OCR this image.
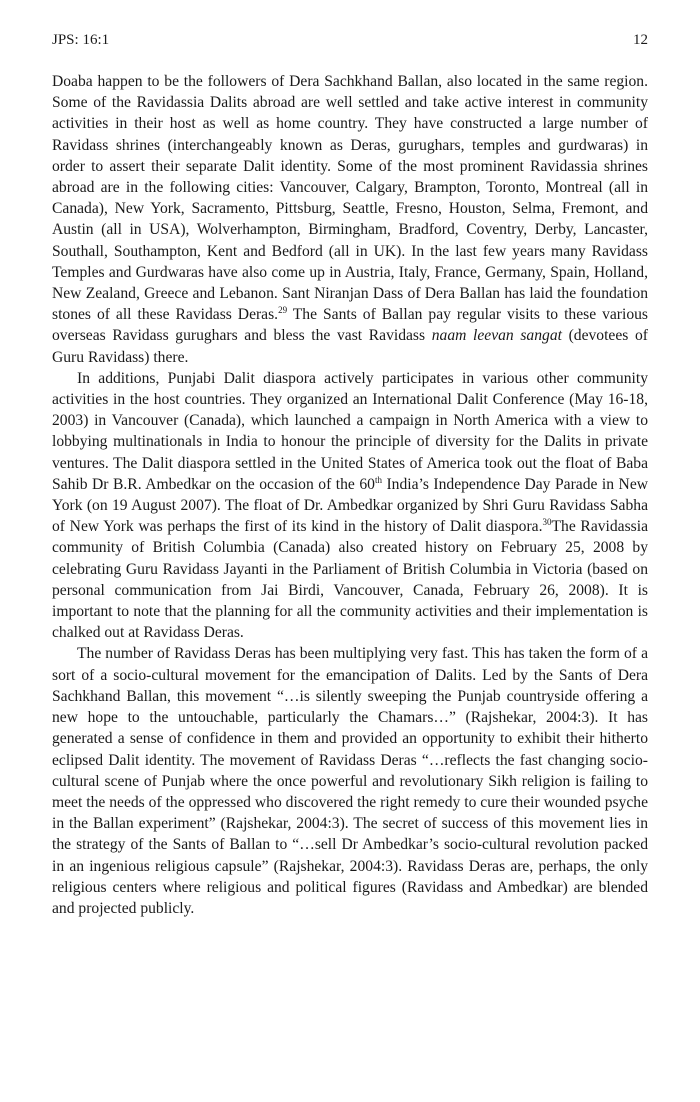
JPS: 16:1	12

Doaba happen to be the followers of Dera Sachkhand Ballan, also located in the same region. Some of the Ravidassia Dalits abroad are well settled and take active interest in community activities in their host as well as home country. They have constructed a large number of Ravidass shrines (interchangeably known as Deras, gurughars, temples and gurdwaras) in order to assert their separate Dalit identity. Some of the most prominent Ravidassia shrines abroad are in the following cities: Vancouver, Calgary, Brampton, Toronto, Montreal (all in Canada), New York, Sacramento, Pittsburg, Seattle, Fresno, Houston, Selma, Fremont, and Austin (all in USA), Wolverhampton, Birmingham, Bradford, Coventry, Derby, Lancaster, Southall, Southampton, Kent and Bedford (all in UK). In the last few years many Ravidass Temples and Gurdwaras have also come up in Austria, Italy, France, Germany, Spain, Holland, New Zealand, Greece and Lebanon. Sant Niranjan Dass of Dera Ballan has laid the foundation stones of all these Ravidass Deras.$^{29}$ The Sants of Ballan pay regular visits to these various overseas Ravidass gurughars and bless the vast Ravidass naam leevan sangat (devotees of Guru Ravidass) there.

In additions, Punjabi Dalit diaspora actively participates in various other community activities in the host countries. They organized an International Dalit Conference (May 16-18, 2003) in Vancouver (Canada), which launched a campaign in North America with a view to lobbying multinationals in India to honour the principle of diversity for the Dalits in private ventures. The Dalit diaspora settled in the United States of America took out the float of Baba Sahib Dr B.R. Ambedkar on the occasion of the 60th India’s Independence Day Parade in New York (on 19 August 2007). The float of Dr. Ambedkar organized by Shri Guru Ravidass Sabha of New York was perhaps the first of its kind in the history of Dalit diaspora.$^{30}$The Ravidassia community of British Columbia (Canada) also created history on February 25, 2008 by celebrating Guru Ravidass Jayanti in the Parliament of British Columbia in Victoria (based on personal communication from Jai Birdi, Vancouver, Canada, February 26, 2008). It is important to note that the planning for all the community activities and their implementation is chalked out at Ravidass Deras.

The number of Ravidass Deras has been multiplying very fast. This has taken the form of a sort of a socio-cultural movement for the emancipation of Dalits. Led by the Sants of Dera Sachkhand Ballan, this movement “…is silently sweeping the Punjab countryside offering a new hope to the untouchable, particularly the Chamars…” (Rajshekar, 2004:3). It has generated a sense of confidence in them and provided an opportunity to exhibit their hitherto eclipsed Dalit identity. The movement of Ravidass Deras “…reflects the fast changing socio-cultural scene of Punjab where the once powerful and revolutionary Sikh religion is failing to meet the needs of the oppressed who discovered the right remedy to cure their wounded psyche in the Ballan experiment” (Rajshekar, 2004:3). The secret of success of this movement lies in the strategy of the Sants of Ballan to “…sell Dr Ambedkar’s socio-cultural revolution packed in an ingenious religious capsule” (Rajshekar, 2004:3). Ravidass Deras are, perhaps, the only religious centers where religious and political figures (Ravidass and Ambedkar) are blended and projected publicly.
